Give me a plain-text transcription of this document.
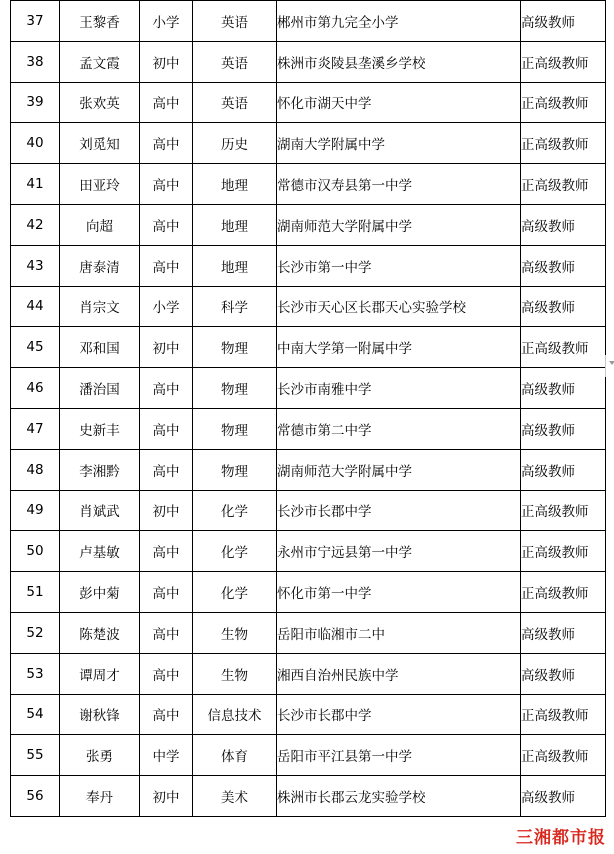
37	王黎香	小学	英语	郴州市第九完全小学	高级教师
38	孟文霞	初中	英语	株洲市炎陵县垄溪乡学校	正高级教师
39	张欢英	高中	英语	怀化市湖天中学	正高级教师
40	刘觅知	高中	历史	湖南大学附属中学	正高级教师
41	田亚玲	高中	地理	常德市汉寿县第一中学	正高级教师
42	向超	高中	地理	湖南师范大学附属中学	高级教师
43	唐泰清	高中	地理	长沙市第一中学	高级教师
44	肖宗文	小学	科学	长沙市天心区长郡天心实验学校	高级教师
45	邓和国	初中	物理	中南大学第一附属中学	正高级教师
46	潘治国	高中	物理	长沙市南雅中学	高级教师
47	史新丰	高中	物理	常德市第二中学	高级教师
48	李湘黔	高中	物理	湖南师范大学附属中学	高级教师
49	肖斌武	初中	化学	长沙市长郡中学	正高级教师
50	卢基敏	高中	化学	永州市宁远县第一中学	正高级教师
51	彭中菊	高中	化学	怀化市第一中学	正高级教师
52	陈楚波	高中	生物	岳阳市临湘市二中	高级教师
53	谭周才	高中	生物	湘西自治州民族中学	高级教师
54	谢秋锋	高中	信息技术	长沙市长郡中学	正高级教师
55	张勇	中学	体育	岳阳市平江县第一中学	正高级教师
56	奉丹	初中	美术	株洲市长郡云龙实验学校	高级教师
三湘都市报
